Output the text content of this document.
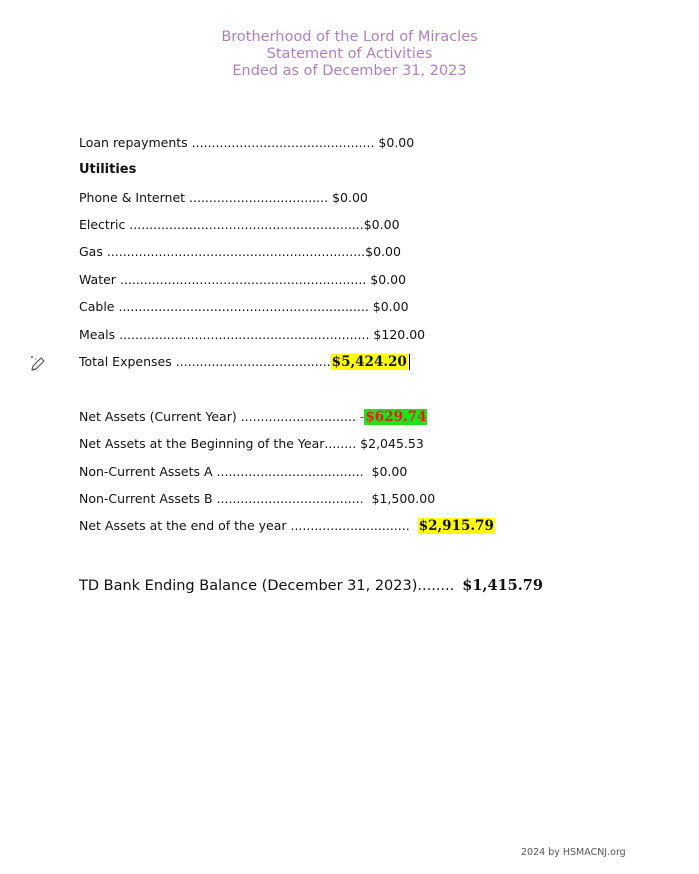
Brotherhood of the Lord of Miracles
Statement of Activities
Ended as of December 31, 2023
Loan repayments .............................................. $0.00
Utilities
Phone & Internet ................................... $0.00
Electric ........................................................... $0.00
Gas ................................................................. $0.00
Water .............................................................. $0.00
Cable ............................................................... $0.00
Meals ............................................................... $120.00
Total Expenses ....................................... $5,424.20
Net Assets (Current Year) ............................. - $629.74
Net Assets at the Beginning of the Year ........ $2,045.53
Non-Current Assets A ..................................... $0.00
Non-Current Assets B ..................................... $1,500.00
Net Assets at the end of the year .............................. $2,915.79
TD Bank Ending Balance (December 31, 2023) ........ $1,415.79
2024 by HSMACNJ.org
